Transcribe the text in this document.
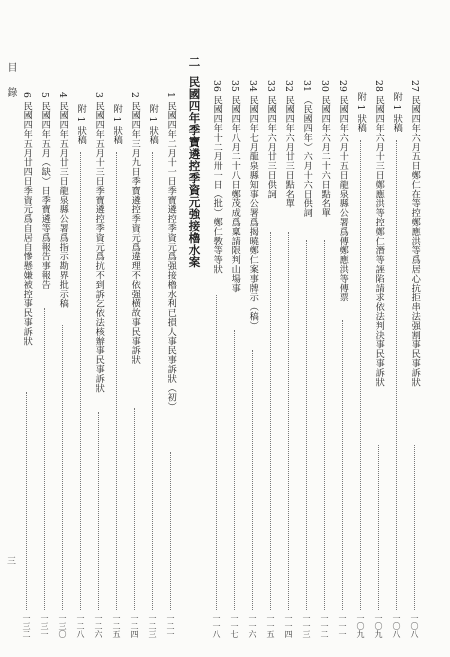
目 錄
三
27 民國四年六月五日鄭仁在等控鄭應洪等爲居心抗拒串法强割事民事訴狀
一〇八
附 1 狀稿
一〇八
28 民國四年六月十三日鄭應洪等控鄭仁潛等誣陷請求依法判決事民事訴狀
一〇九
附 1 狀稿
一〇九
29 民國四年六月十五日龍泉縣公署爲傳鄭應洪等傳票
一一一
30 民國四年六月二十六日點名單
一一二
31 （民國四年）六月十六日供詞
一一三
32 民國四年六月廿三日點名單
一一四
33 民國四年六月廿三日供詞
一一五
34 民國四年七月龍泉縣知事公署爲揭曉鄭仁案事牌示（稿）
一一六
35 民國四年八月二十八日鄭茂成爲稟請限判山場事
一一七
36 民國四年十二月卅一日（批）鄭仁斆等等狀
一一八
二
民國四年季寶遴控季資元強接櫓水案
1 民國四年二月十一日季寶遴控季資元爲强接櫓水利已損人事民事訴狀（初）
一二一
附 1 狀稿
一二三
2 民國四年三月九日季寶遴控季資元爲違理不依强横故事民事訴狀
一二四
附 1 狀稿
一二五
3 民國四年五月十三日季寶遴控季資元爲抗不到訴乞依法核辦事民事訴狀
一二六
附 1 狀稿
一二八
4 民國四年五月廿三日龍泉縣公署爲指示勘界批示稿
一三〇
5 民國四年五月（缺）日季寶遴等爲報告事報告
一三一
6 民國四年五月廿四日季資元爲自居自慘懸嫌被控事民事訴狀
一三二
